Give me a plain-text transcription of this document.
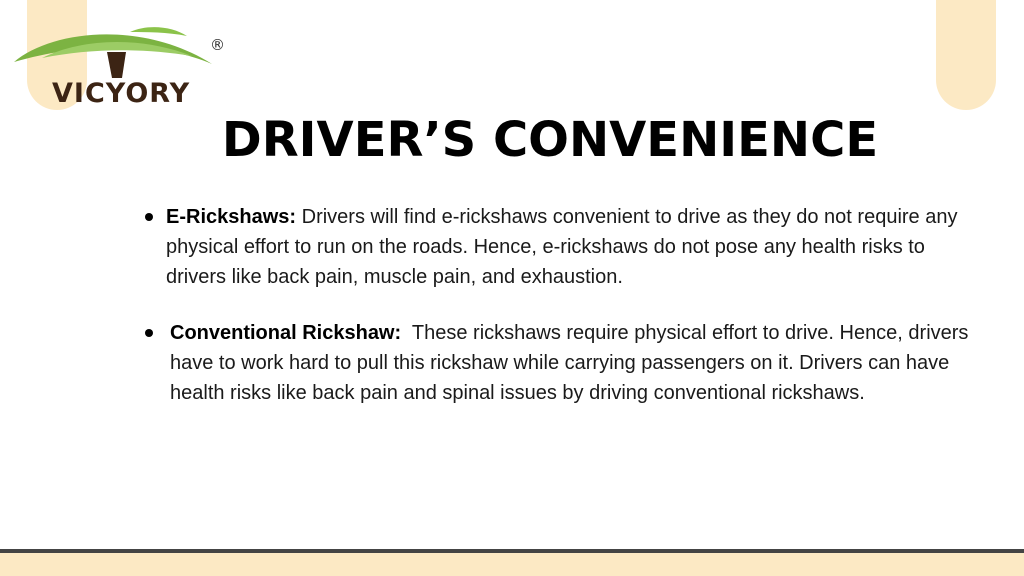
VICYORY
®
DRIVER’S CONVENIENCE
E-Rickshaws: Drivers will find e-rickshaws convenient to drive as they do not require any physical effort to run on the roads. Hence, e-rickshaws do not pose any health risks to drivers like back pain, muscle pain, and exhaustion.
Conventional Rickshaw:  These rickshaws require physical effort to drive. Hence, drivers have to work hard to pull this rickshaw while carrying passengers on it. Drivers can have health risks like back pain and spinal issues by driving conventional rickshaws.
